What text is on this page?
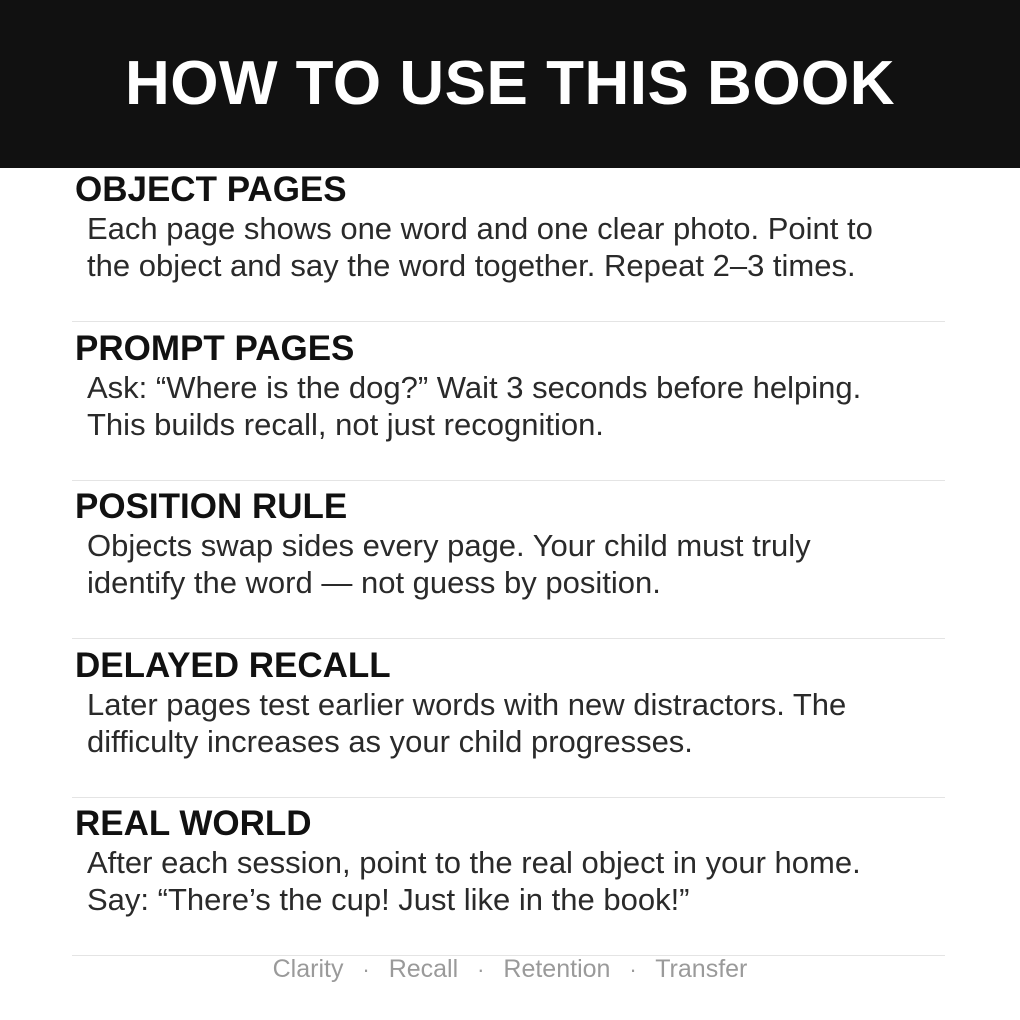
HOW TO USE THIS BOOK
OBJECT PAGES

Each page shows one word and one clear photo. Point to
the object and say the word together. Repeat 2–3 times.

PROMPT PAGES

Ask: “Where is the dog?” Wait 3 seconds before helping.
This builds recall, not just recognition.

POSITION RULE

Objects swap sides every page. Your child must truly
identify the word — not guess by position.

DELAYED RECALL

Later pages test earlier words with new distractors. The
difficulty increases as your child progresses.

REAL WORLD

After each session, point to the real object in your home.
Say: “There’s the cup! Just like in the book!”

Clarity · Recall · Retention · Transfer
